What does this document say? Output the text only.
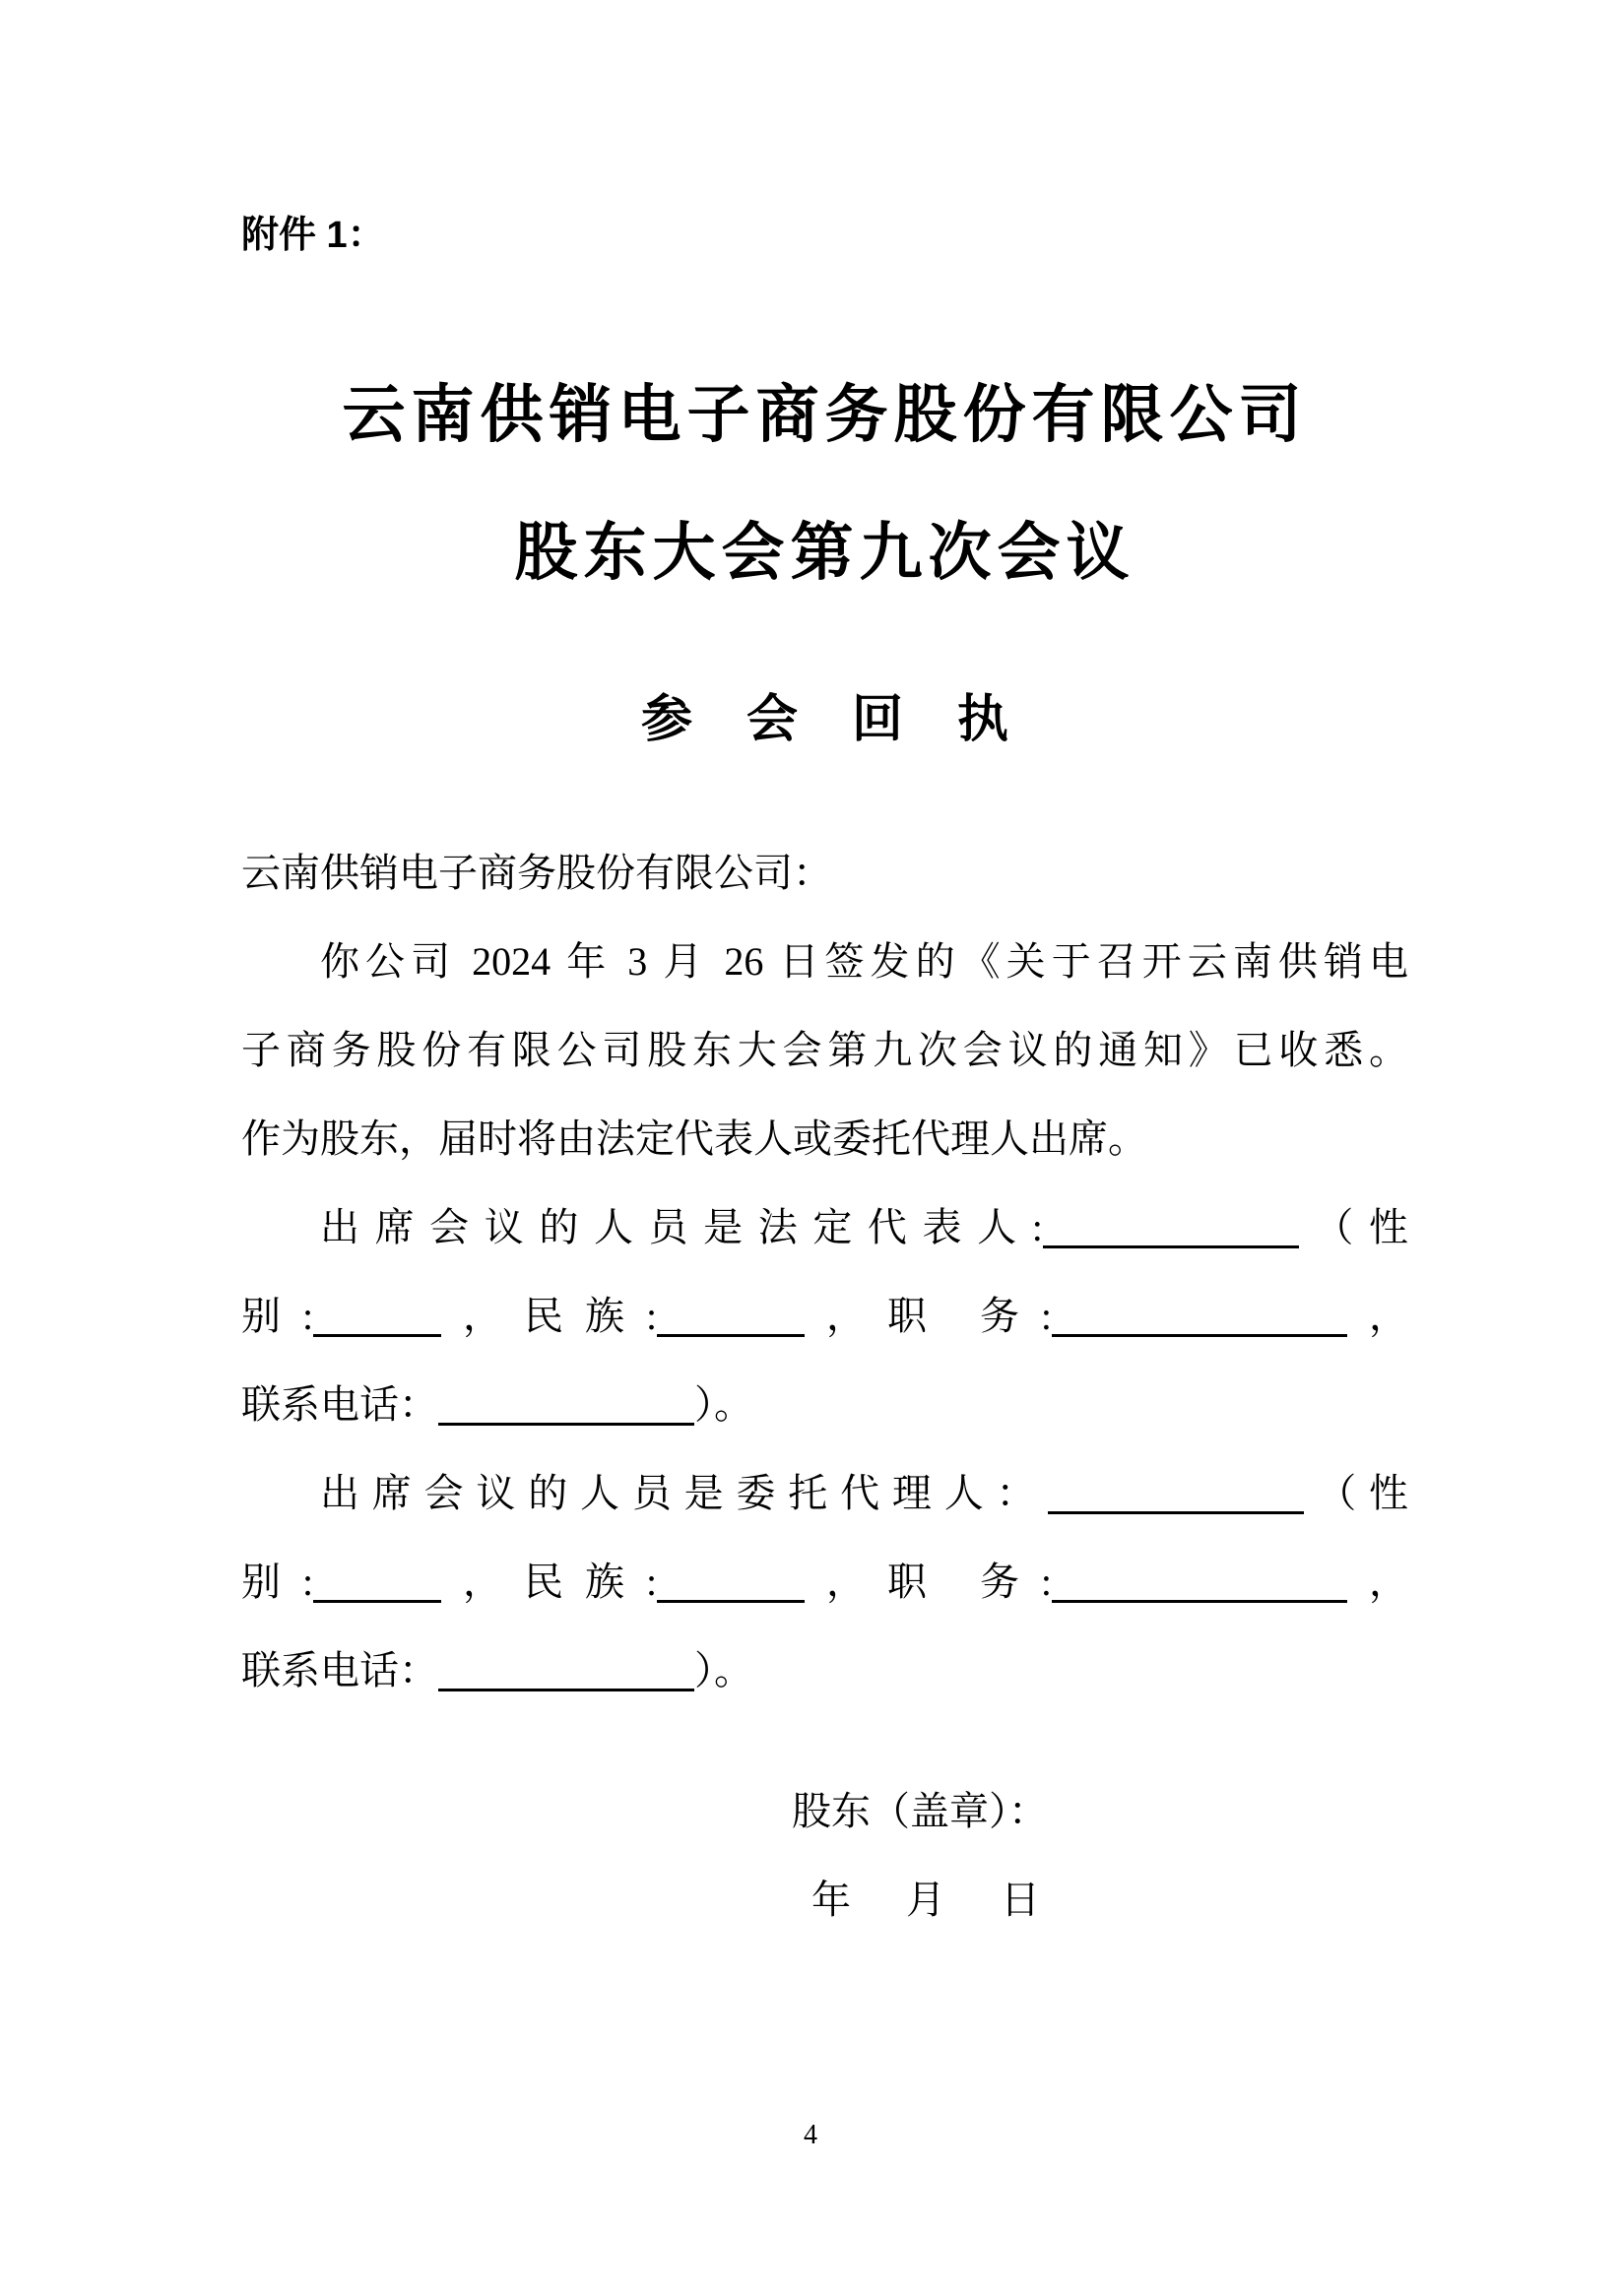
附件 1：
云南供销电子商务股份有限公司
股东大会第九次会议
参会回执
云南供销电子商务股份有限公司：
你公司 2024 年 3 月 26 日签发的《关于召开云南供销电
子商务股份有限公司股东大会第九次会议的通知》已收悉。
作为股东，届时将由法定代表人或委托代理人出席。
出席会议的人员是法定代表人:	（性
别:	，民族:	，职 务:	，
联系电话：	）。
出席会议的人员是委托代理人：	（性
别:	，民族:	，职 务:	，
联系电话：	）。
股东（盖章）：
年　月　日
4
